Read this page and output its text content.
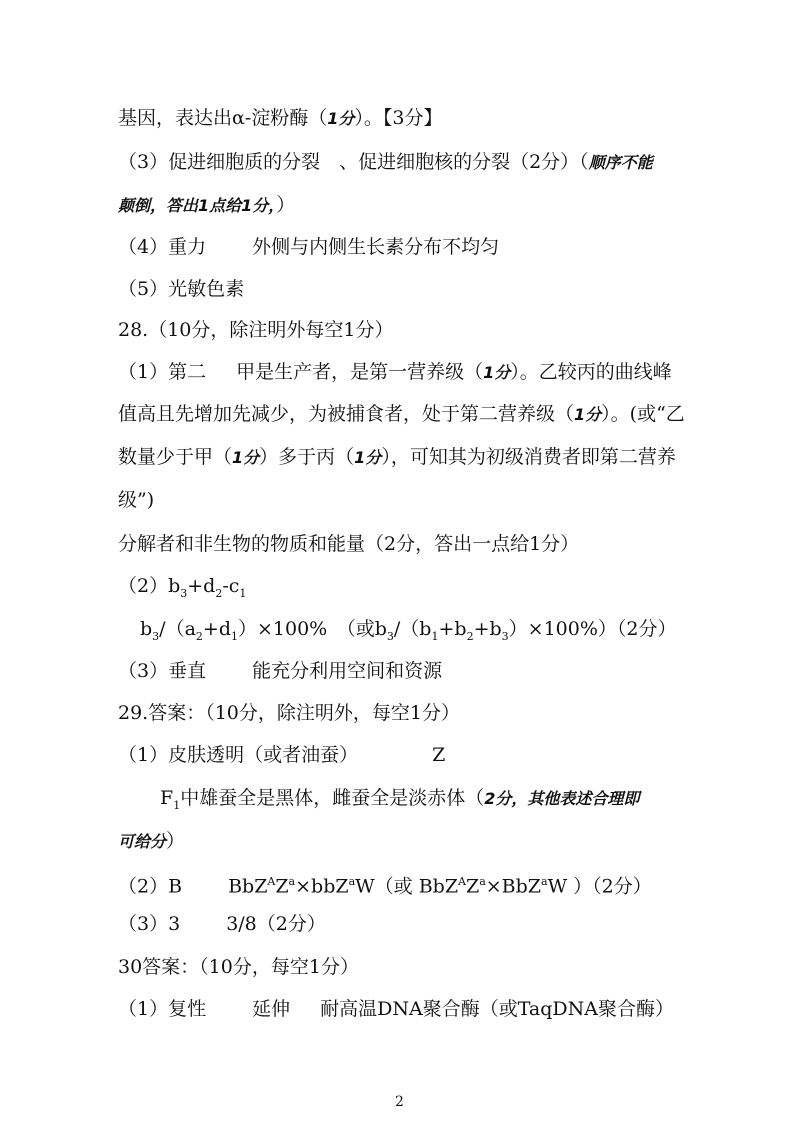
基因，表达出α-淀粉酶（1分）。【3分】
（3）促进细胞质的分裂　、促进细胞核的分裂（2分）（顺序不能
颠倒，答出1点给1分，）
（4）重力 外侧与内侧生长素分布不均匀
（5）光敏色素
28.（10分，除注明外每空1分）
（1）第二 甲是生产者，是第一营养级（1分）。乙较丙的曲线峰
值高且先增加先减少，为被捕食者，处于第二营养级（1分）。(或“乙
数量少于甲（1分）多于丙（1分），可知其为初级消费者即第二营养
级”)
分解者和非生物的物质和能量（2分，答出一点给1分）
$(2)b_3+d_2-c_1$
$b_3/(a_2+d_1)\times 100\%$　（或$b_3/(b_1+b_2+b_3)\times 100\%)(2$分）
（3）垂直 能充分利用空间和资源
29.答案：（10分，除注明外，每空1分）
（1）皮肤透明（或者油蚕）	Z
$F_1$中雄蚕全是黑体，雌蚕全是淡赤体（2分，其他表述合理即
可给分）
（2）B $BbZ^AZ^a\times bbZ^aW$（或 $BbZ^AZ^a\times BbZ^aW$ ）（2分）
（3）3 3/8（2分）
30答案：（10分，每空1分）
（1）复性 延伸 耐高温DNA聚合酶（或TaqDNA聚合酶）
2
